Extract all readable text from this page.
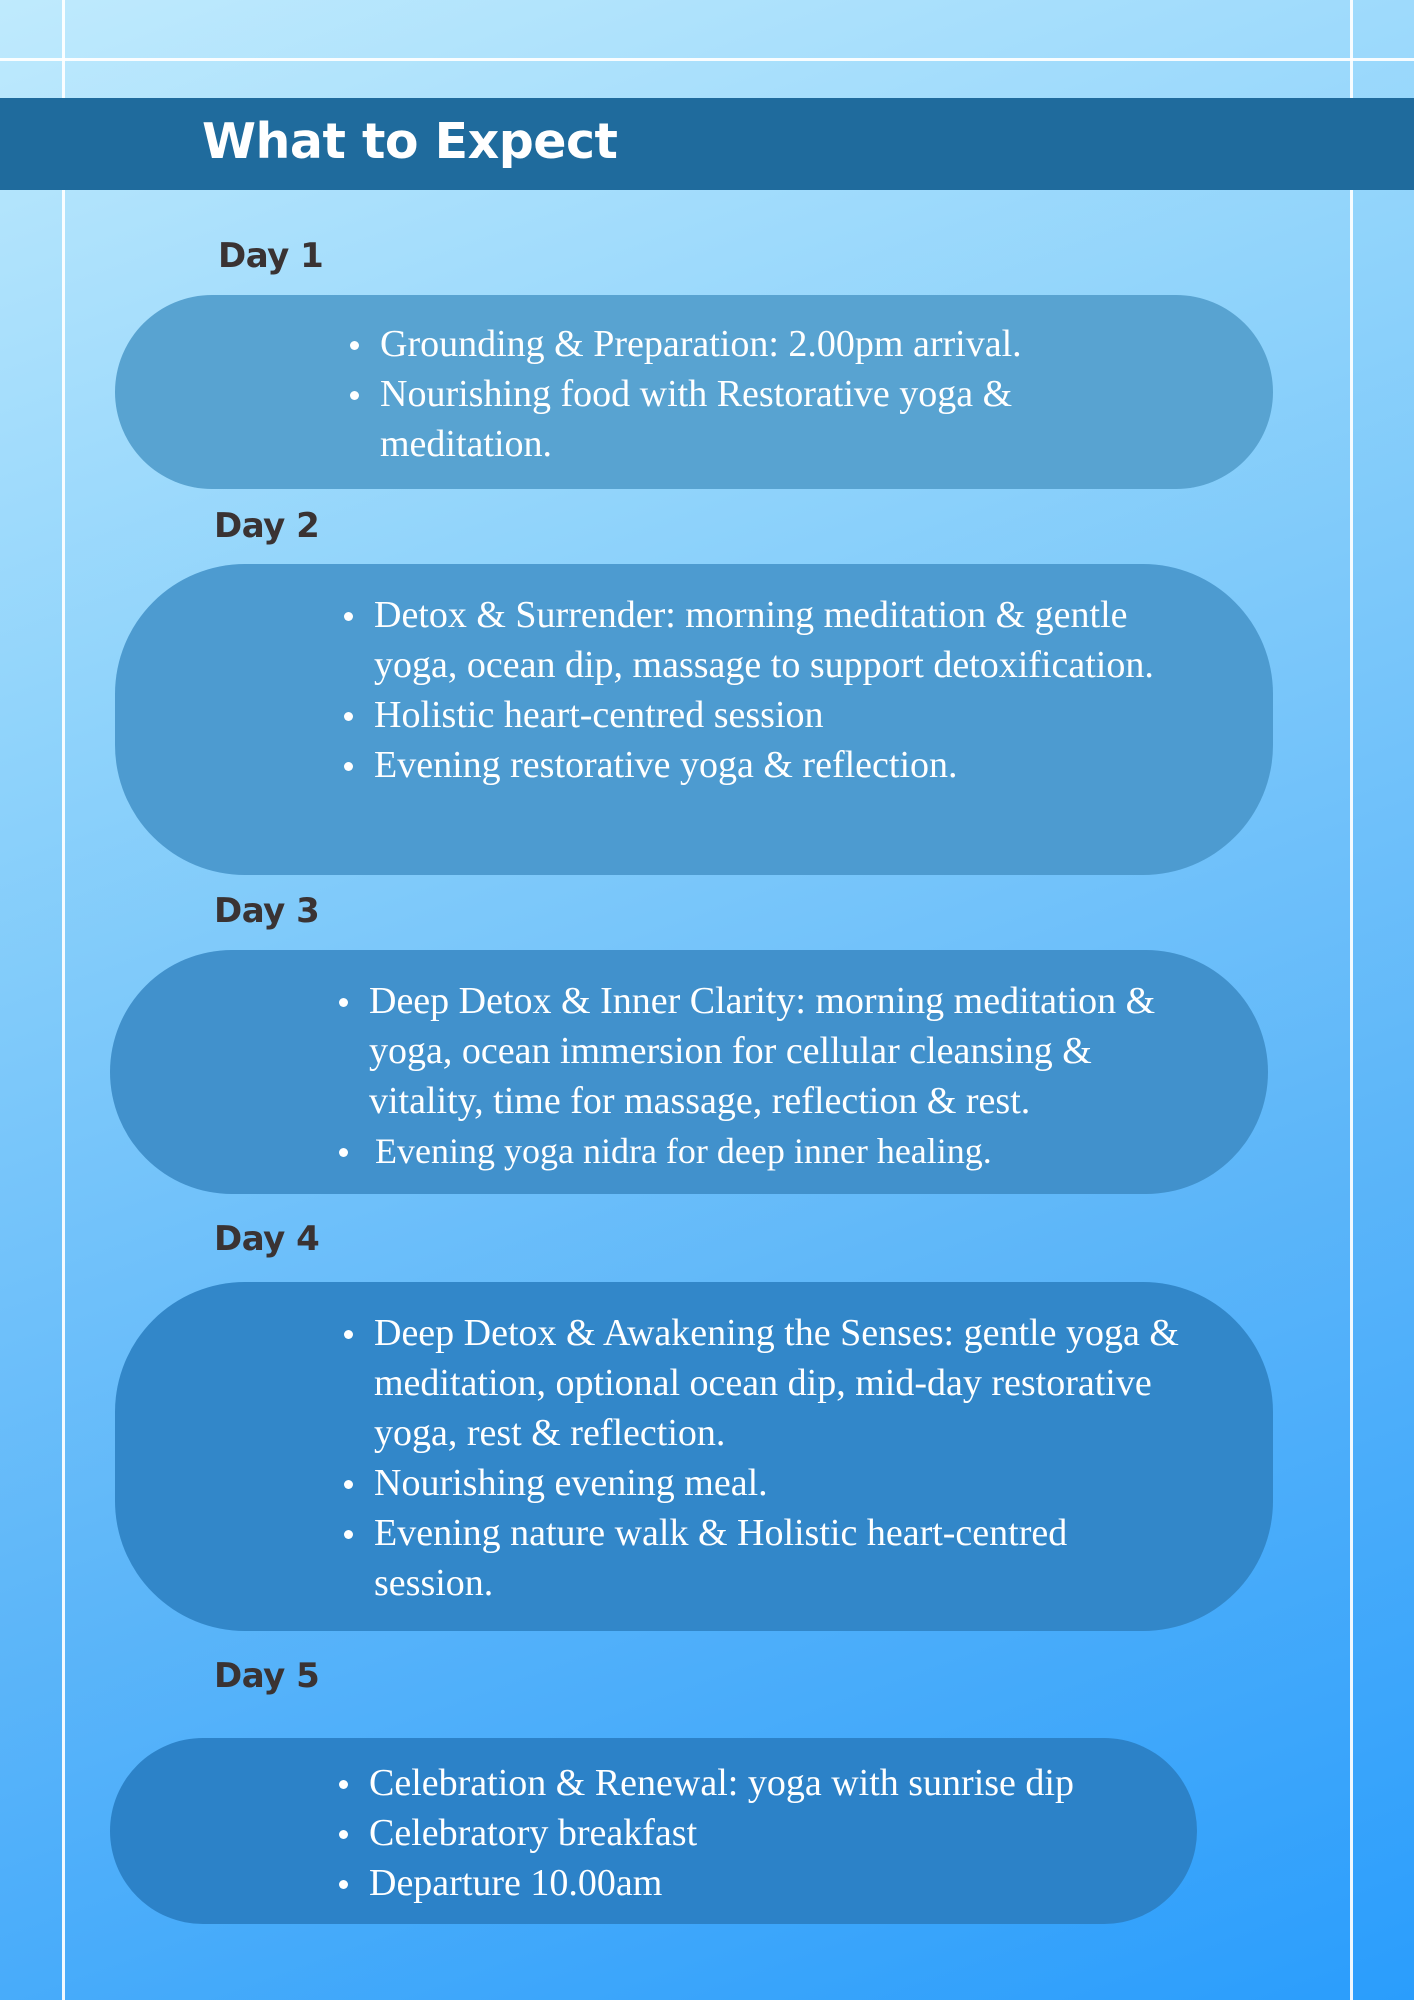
What to Expect
Day 1
Grounding & Preparation: 2.00pm arrival.
Nourishing food with Restorative yoga & meditation.
Day 2
Detox & Surrender: morning meditation & gentle yoga, ocean dip, massage to support detoxification.
Holistic heart-centred session
Evening restorative yoga & reflection.
Day 3
Deep Detox & Inner Clarity: morning meditation & yoga, ocean immersion for cellular cleansing & vitality, time for massage, reflection & rest.
Evening yoga nidra for deep inner healing.
Day 4
Deep Detox & Awakening the Senses: gentle yoga & meditation, optional ocean dip, mid-day restorative yoga, rest & reflection.
Nourishing evening meal.
Evening nature walk & Holistic heart-centred session.
Day 5
Celebration & Renewal: yoga with sunrise dip
Celebratory breakfast
Departure 10.00am
